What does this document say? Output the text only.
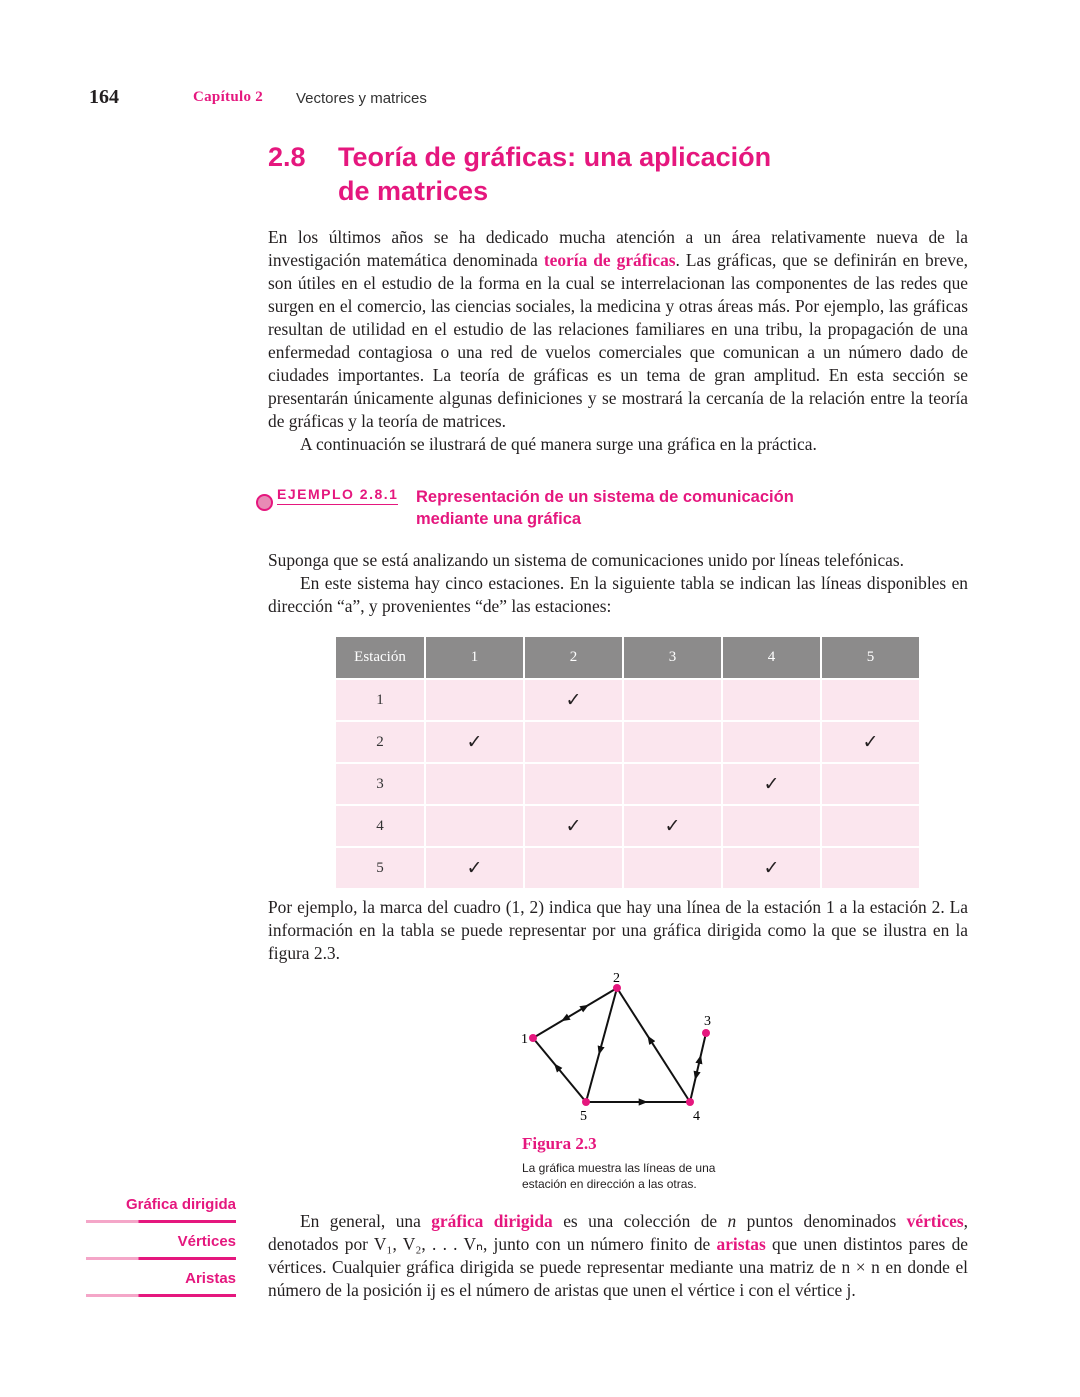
164	Capítulo 2 Vectores y matrices
2.8 Teoría de gráficas: una aplicación
de matrices

En los últimos años se ha dedicado mucha atención a un área relativamente nueva de la investigación matemática denominada teoría de gráficas. Las gráficas, que se definirán en breve, son útiles en el estudio de la forma en la cual se interrelacionan las componentes de las redes que surgen en el comercio, las ciencias sociales, la medicina y otras áreas más. Por ejemplo, las gráficas resultan de utilidad en el estudio de las relaciones familiares en una tribu, la propagación de una enfermedad contagiosa o una red de vuelos comerciales que comunican a un número dado de ciudades importantes. La teoría de gráficas es un tema de gran amplitud. En esta sección se presentarán únicamente algunas definiciones y se mostrará la cercanía de la relación entre la teoría de gráficas y la teoría de matrices.

A continuación se ilustrará de qué manera surge una gráfica en la práctica.

EJEMPLO 2.8.1 Representación de un sistema de comunicación mediante una gráfica

Suponga que se está analizando un sistema de comunicaciones unido por líneas telefónicas.

En este sistema hay cinco estaciones. En la siguiente tabla se indican las líneas disponibles en dirección “a”, y provenientes “de” las estaciones:

Estación	1	2	3	4	5
1		✓			
2	✓				✓
3				✓	
4		✓	✓		
5	✓			✓	
Por ejemplo, la marca del cuadro (1, 2) indica que hay una línea de la estación 1 a la estación 2. La información en la tabla se puede representar por una gráfica dirigida como la que se ilustra en la figura 2.3.
1
2
3
4
5
Figura 2.3
La gráfica muestra las líneas de una estación en dirección a las otras.
Gráfica dirigida
Vértices
Aristas

En general, una gráfica dirigida es una colección de n puntos denominados vértices, denotados por V₁, V₂, . . . Vₙ, junto con un número finito de aristas que unen distintos pares de vértices. Cualquier gráfica dirigida se puede representar mediante una matriz de n × n en donde el número de la posición ij es el número de aristas que unen el vértice i con el vértice j.
